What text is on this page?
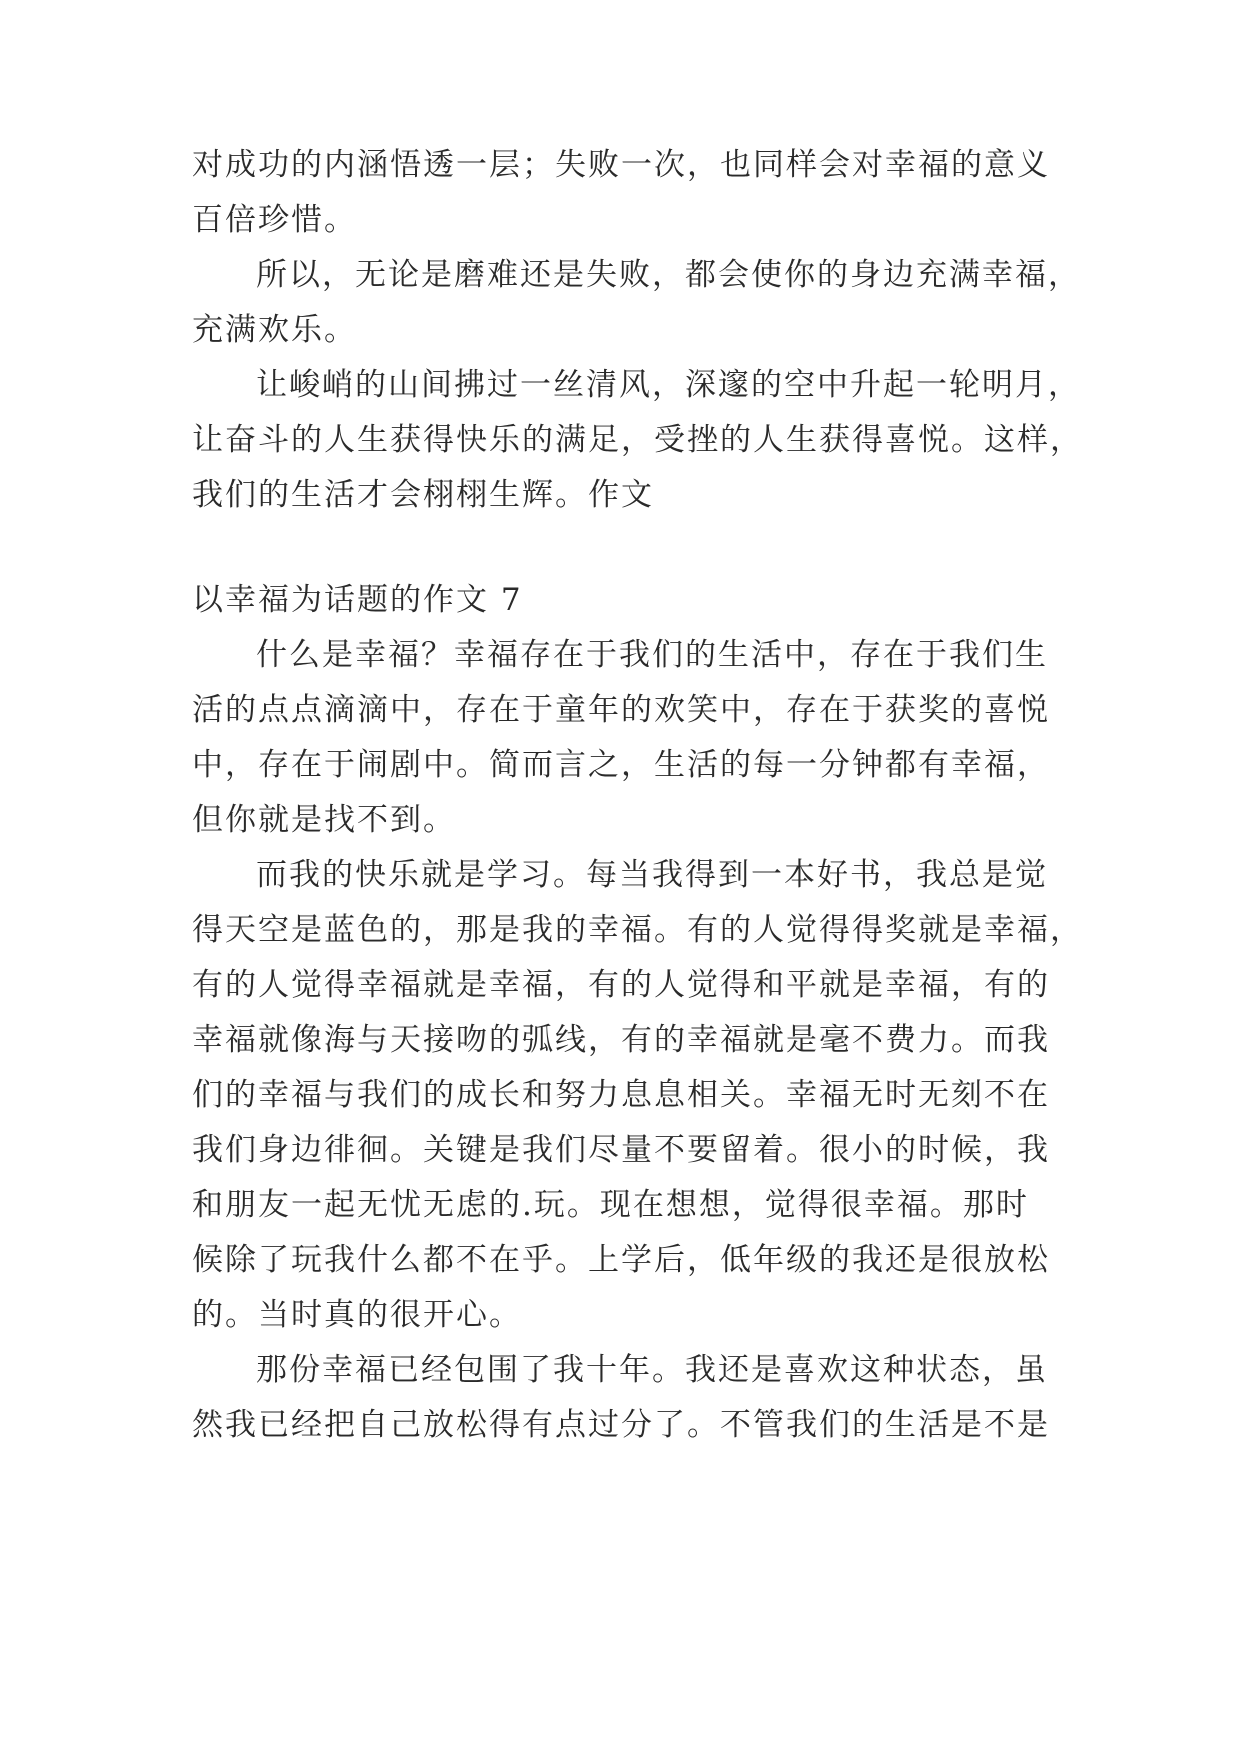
对成功的内涵悟透一层；失败一次，也同样会对幸福的意义
百倍珍惜。
所以，无论是磨难还是失败，都会使你的身边充满幸福，
充满欢乐。
让峻峭的山间拂过一丝清风，深邃的空中升起一轮明月，
让奋斗的人生获得快乐的满足，受挫的人生获得喜悦。这样，
我们的生活才会栩栩生辉。作文
以幸福为话题的作文 7
什么是幸福？幸福存在于我们的生活中，存在于我们生
活的点点滴滴中，存在于童年的欢笑中，存在于获奖的喜悦
中，存在于闹剧中。简而言之，生活的每一分钟都有幸福，
但你就是找不到。
而我的快乐就是学习。每当我得到一本好书，我总是觉
得天空是蓝色的，那是我的幸福。有的人觉得得奖就是幸福，
有的人觉得幸福就是幸福，有的人觉得和平就是幸福，有的
幸福就像海与天接吻的弧线，有的幸福就是毫不费力。而我
们的幸福与我们的成长和努力息息相关。幸福无时无刻不在
我们身边徘徊。关键是我们尽量不要留着。很小的时候，我
和朋友一起无忧无虑的.玩。现在想想，觉得很幸福。那时
候除了玩我什么都不在乎。上学后，低年级的我还是很放松
的。当时真的很开心。
那份幸福已经包围了我十年。我还是喜欢这种状态，虽
然我已经把自己放松得有点过分了。不管我们的生活是不是
